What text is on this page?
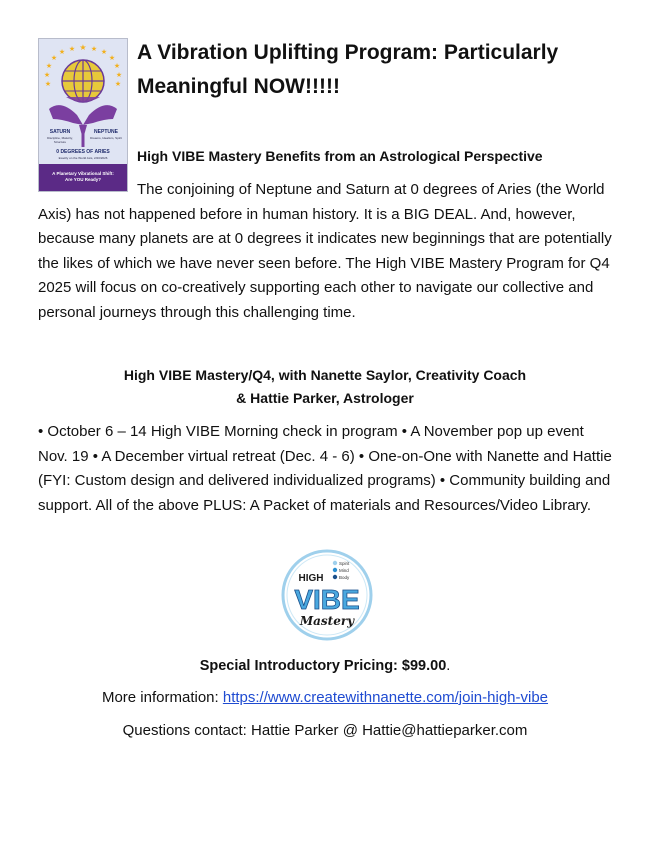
★
★ ★
★	★
★	★
★	★
★	★
★	★
SATURN
Discipline, Maturity, Structure
NEPTUNE
Dreams, Idealism, Spirit
0 DEGREES OF ARIES
Exactly on the World Axis, 2/20/2026
A Planetary Vibrational Shift:
Are YOU Ready?
A Vibration Uplifting Program: Particularly Meaningful NOW!!!!!

High VIBE Mastery Benefits from an Astrological Perspective

The conjoining of Neptune and Saturn at 0 degrees of Aries (the World Axis) has not happened before in human history. It is a BIG DEAL. And, however, because many planets are at 0 degrees it indicates new beginnings that are potentially the likes of which we have never seen before. The High VIBE Mastery Program for Q4 2025 will focus on co-creatively supporting each other to navigate our collective and personal journeys through this challenging time.

High VIBE Mastery/Q4, with Nanette Saylor, Creativity Coach
& Hattie Parker, Astrologer

• October 6 – 14 High VIBE Morning check in program • A November pop up event Nov. 19 • A December virtual retreat (Dec. 4 - 6) • One-on-One with Nanette and Hattie (FYI: Custom design and delivered individualized programs) • Community building and support. All of the above PLUS: A Packet of materials and Resources/Video Library.

Spirit
Mind
Body
HIGH
VIBE
Mastery
Special Introductory Pricing: $99.00.
More information: https://www.createwithnanette.com/join-high-vibe
Questions contact: Hattie Parker @ Hattie@hattieparker.com
